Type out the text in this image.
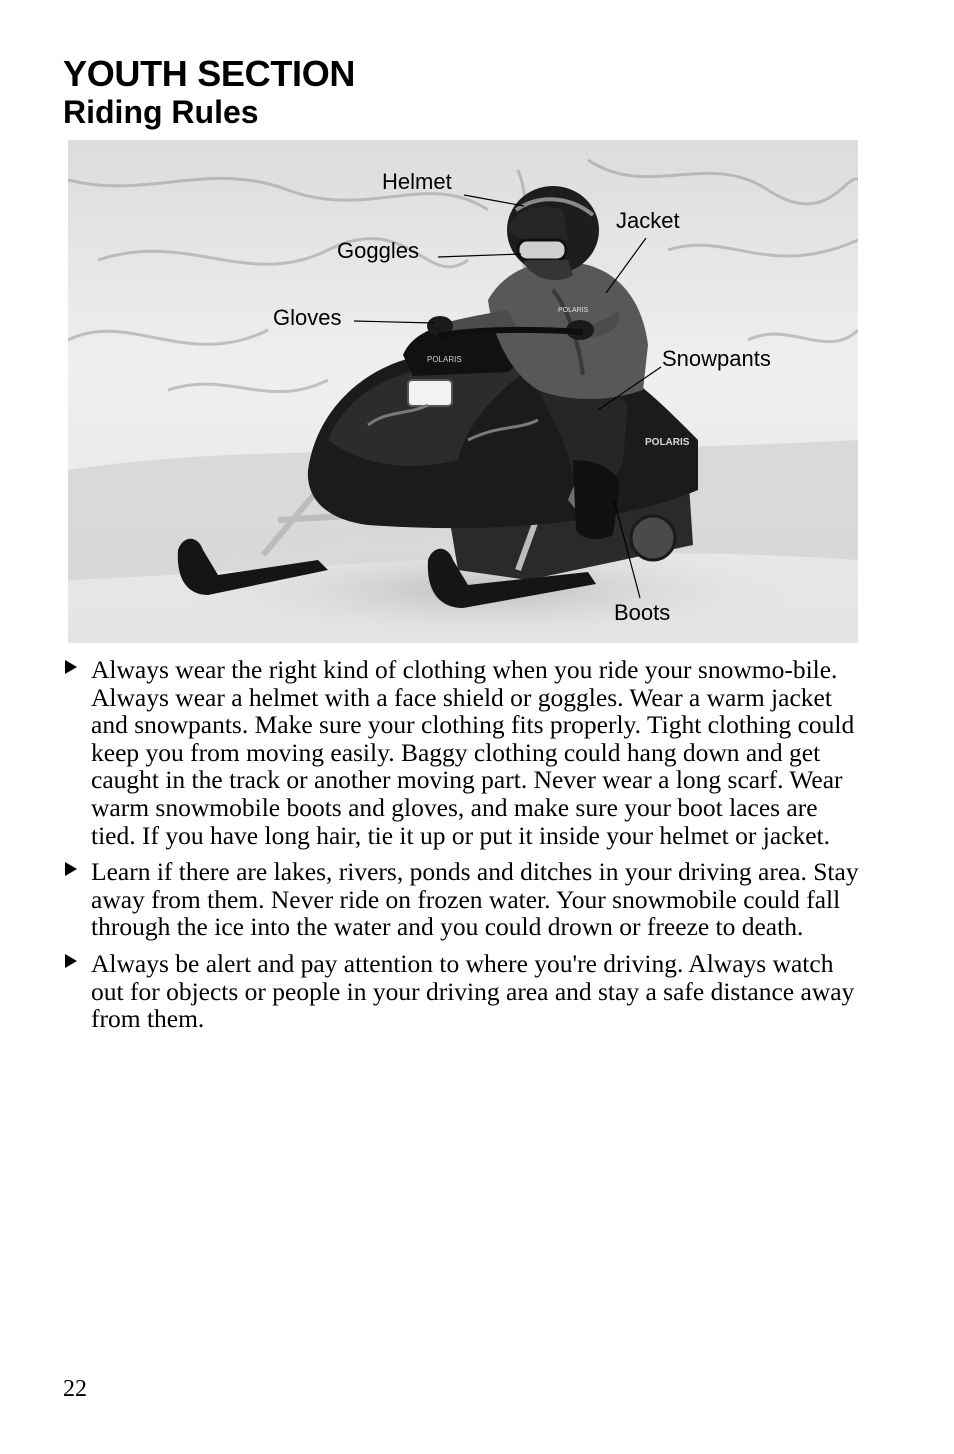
YOUTH SECTION
Riding Rules
POLARIS
POLARIS
POLARIS
Helmet
Jacket
Goggles
Gloves
Snowpants
Boots
Always wear the right kind of clothing when you ride your snowmo-bile. Always wear a helmet with a face shield or goggles. Wear a warm jacket and snowpants. Make sure your clothing fits properly. Tight clothing could keep you from moving easily. Baggy clothing could hang down and get caught in the track or another moving part. Never wear a long scarf. Wear warm snowmobile boots and gloves, and make sure your boot laces are tied. If you have long hair, tie it up or put it inside your helmet or jacket.
Learn if there are lakes, rivers, ponds and ditches in your driving area. Stay away from them. Never ride on frozen water. Your snowmobile could fall through the ice into the water and you could drown or freeze to death.
Always be alert and pay attention to where you're driving. Always watch out for objects or people in your driving area and stay a safe distance away from them.
22
